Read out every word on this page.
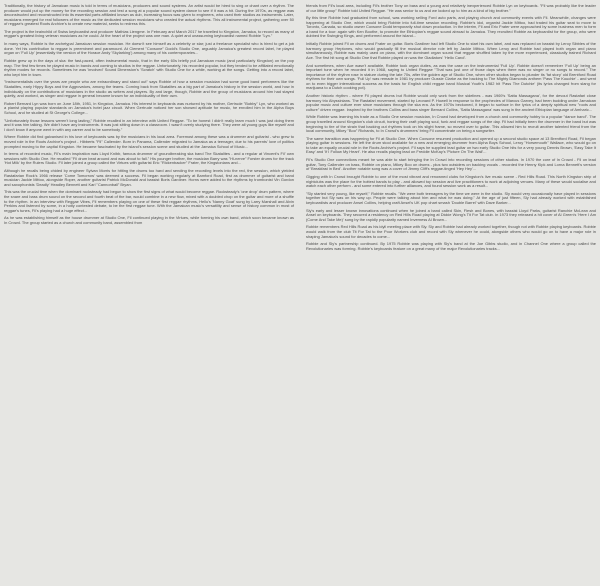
Traditionally, the history of Jamaican music is told in terms of musicians, producers and sound systems. An artist would be hired to sing or chant over a rhythm. The producer would put up the money for the recording session and test a song at a popular sound system dance to see if it was a hit. During the 1970s, as reggae was deconstructed and reconstructed into its essential parts affiliated known as dub, increasing focus was given to engineers, who used their studios as instruments. Later, musicians emerged for real followers of the music as the dedicated session musicians who created the actual rhythms. This all instrumental project, gathering over 50 of reggae's greatest Roots Archive's to create new material, seeks to redress this.

The project is the brainchild of Swiss keyboardist and producer Mathias Liengme. In February and March 2017 he travelled to Kingston, Jamaica, to record as many of reggae's greatest living veteran musicians as he could. At the heart of the project was one man. A quiet and unassuming keyboardist named Robbie "Lyn."

In many ways, Robbie is the archetypal Jamaican session musician. He doesn't see himself as a celebrity or star; just a freelance specialist who is hired to get a job done. Yet his contribution to reggae is preeminent and paramount. At Clement "Coxsone" Dodd's Studio One, arguably Jamaica's greatest record label, he played organ on 'Full Up' (essentially the version of the Horace Andy 'Skylarking') among many of his contemporaries...

Robbie grew up in the days of ska: the fast-paced, often instrumental music, that in the early 60s briefly put Jamaican music (and particularly Kingston) on the pop map. The first few times he played music in bands and coming to studios in the reggae. Unfortunately, his recorded popular, but they tended to be affiliated emotionally rhythm modes for records. Sometimes he was 'involved' Sound Dimension's 'Scratch' with Studio One for a while, working at the songs. Getting into a record label, who kept him in town.

"Instrumentalists over the years are people who are extraordinary and stand out" says Robbie of how a session musician had some good band performers like the Skatalites, early Hippy Boys and the Aggrovators, among the teams. Coming back from Skatalites as a big part of Jamaica's history in the session world, and how in individually on the contributions of musicians in the studio as writers and players. By and large, though, Robbie and the group of musicians around him had stayed quietly, and worked, as singer and reggae in general became known for an individuality of their own.

Robert Bernard Lyn was born on June 18th, 1951, in Kingston, Jamaica. His interest in keyboards was nurtured by his mother, Gertrude "Bobby" Lyn, who worked as a pianist playing popular standards on Jamaica's hotel jazz circuit. When Gertrude noticed her son showed aptitude for music, he enrolled him in the Alpha Boys School, and he studied at St George's College...

"Unfortunately those lessons weren't long lasting," Robbie recalled in an interview with United Reggae. "To be honest I didn't really learn much I was just doing them and it was him talking. We didn't have any instruments. It was just sitting down in a classroom. I wasn't overly studying there. They were all young guys like myself and I don't know if anyone went in with any career and to be somebody."

Where Robbie did find galvanised in his love of keyboards was by the musicians in his local area. Foremost among these was a drummer and guitarist - who grew to moved role in the Roots Archive's project - Hibberts "Fil" Callender. Born in Panama, Callender migrated to Jamaica as a teenager, due to his parents' love of politics prompted moving to the capital Kingston. He became fascinated by the island's session scene and studied at the Jamaica School of Music...

In terms of recorded music, Fil's main inspiration was Lloyd Knibb, famous drummer of groundbreaking ska band The Skatalites - and a regular at Vincent's Fil' own sessions with Studio One. He recalled "Fil drum beat around and was about to fall." His younger brother, the musician Barry was "Hi-nerve" Forster drums for the track 'Hot Milk' by the Rulers Studio. Fil later joined a group called the Virtues with guitarist Eric "Rickenbacker" Frater, the Kingstonians and...

Although he recalls being chided by engineer Sylvan Morris for hitting the drums too hard and sending the recording levels into the red, the session, which yielded Rastafarian Rock's 1966 release 'Come Tomorrow' was deemed a success. Fil began working regularly at Bamford Road, first as drummer of guitarist and band musician Jackie Mittoo, alongside Roper, another guitarist Patrick McDonald and bassist Boris Gardiner. Horns were added to the rhythms by trombonist Vin Gordon and saxophonists 'Deadly' Headley Bennett and Karl "Cannonball" Bryan.

This was the crucial time when the dominant rocksteady had begun to show the first signs of what would become reggae. Rocksteady's 'one drop' drum pattern, where the snare and bass drum sound on the second and fourth beat of the bar, would combine in a new flow, mixed with a doubled chop on the guitar and more of a shuffle to the rhythm. In an interview with Reggae Vibes, Fil remembers playing on one of these first reggae rhythms, Hellu's 'Nanny Goat' sung by Larry Marshall and Alvin Perkins and listened by some, in a hotly contested debate, to be the first reggae tune. With the Jamaican music's versatility and sense of history common in most of reggae's tunes, Fil's playing had a huge effect...

As he was establishing himself as the house drummer at Studio One, Fil continued playing in the Virtues, while forming his own band, which soon became known as In Crowd. The group started as a church and community band, assembled from

friends from Fil's local area, including Fil's brother Tony on bass and a young and relatively inexperienced Robbie Lyn on keyboards. "Fil was probably like the leader of our little group" Robbie told United Reggae. "He was senior to us and we looked up to him as a kind of big brother."

By this time Robbie had graduated from school, was working selling Ford auto parts, and playing church and community events with Fil. Meanwhile, changes were happening at Studio One, which would bring Robbie into full-time session recording. Robbie's idol, organist Jackie Mittoo, had traded his guitar seat to move to Toronto, Canada, so studio owner Coxsone Dodd temporarily shut down production. In the interim, Fil and Eric Frater were approached by some business men to form a band for a tour: again with Ken Boothe, to promote the Ethiopian's reggae sound abroad to Jamaica. They recruited Robbie as keyboardist for the group, who were dubbed the Swinging Kings, and performed around the island...

Initially Robbie joined Fil on drums and Frater on guitar. Boris Gardiner had left Studio One to start his own label, and was replaced on bassist by Leroy Sibbles of the harmony group Heptones, who would gradually fill the musical director role left by Jackie Mittoo. When Leroy and Robbie had played both organ and piano simultaneously, Robbie was mainly used on piano, with the dominant organ sound that reggae shuffled taken by the more experienced, classically trained Richard Ace. The first hit song at Studio One that Robbie played on was the Gladiators' 'Hello Carol'.

And sometimes, when Ace wasn't available, Robbie took organ duties, as was the case on the instrumental 'Full Up'. Robbie doesn't remember 'Full Up' being an important tune when he recorded it in 1968, saying to United Reggae "That was just one of those days when there was no singer or no songs to record." The importance of the rhythm rose in stature during the late 70s, after the golden age of Studio One, when other studios began to plunder its 'fat story' old Brentford Road rhythms for their own songs. 'Full Up' was remade in 1981 by producer Gussie Clarke as the backing to The Mighty Diamonds anthem 'Pass The Kouchie' - and went on to even bigger international success as the basis for English child reggae band Musical Youth's 1982 hit 'Pass The Dutchie' (its lyrics changed from slang for marijuana to a Dutch cooking pot).

Another historic rhythm - where Fil played drums but Robbie would only work from the sidelines - was 1969's 'Satta Massagana', for the devout Rastafari close harmony trio Abyssinians. The Rastafari movement, started by Leonard P. Howell in response to the prophecies of Marcus Garvey, had been budding under Jamaican popular music and culture ever since musicians through the ska era. As the 1970s beckoned, it began to surface in the lyrics of a deeply spiritual new "roots and culture" driven reggae. Inspired by the brothers Collins and bass singer Bernard Collins, 'Satta Massagana' was sung in the ancient Ethiopian language of Amharic...

While Robbie was learning his trade as a Studio One session musician, In Crowd had developed from a church and community hobby to a popular "dance band". The group travelled around Kingston's club circuit, honing their craft playing soul, funk and reggae songs of the day. Fil had initially been the drummer in the band but was beginning to tire of the strain that backing out rhythms took on his slight frame, so moved over to guitar. This allowed him to recruit another talented friend from the local community, Mikey "Boo" Richards, to In Crowd's drummers' bring Fil concentrate on being a songwriter.

The same transition was happening for Fil at Studio One. When Coxsone resumed production and opened up a second studio space at 13 Brentford Road, Fil began playing guitar in sessions. He left the drum stool available for a new and emerging drummer from Alpha Boys School, Leroy "Horsemouth" Wallace, who would go on to take an equally crucial role in the Roots Archive's project. Fil says he supplied lead guitar on two early Studio One hits for a very young Dennis Brown, 'Easy Take It Easy' and 'If I Follow My Heart'. He also recalls playing lead on Freddie McKay's 'Picture On The Wall'...

Fil's Studio One connections meant he was able to start bringing the In Crowd into recording sessions of other studios. In 1970 the core of In Crowd - Fil on lead guitar, Tony Callender on bass, Robbie on piano, Mikey Boo on drums - plus two outsiders on backing vocals - recorded the Henny Kipk and Lorna Bennett's version of 'Breakfast in Bed'. Another notable song was a cover of Jimmy Cliff's reggae-tinged 'Hey Hey'...

Gigging with In Crowd brought Robbie to one of the most vibrant and renowned clubs for Kingston's live music scene - Red Hills Road. This North Kingston strip of nightclubs was the place for the hottest bands to play - and allowed top session and live practitioners to work at adjoining venues. Many of these would socialise and watch each other perform - and some entered into further alliances, and found session work as a result...

"Sly started very young, like myself," Robbie recalls. "We were both teenagers by the time we were in the studio. Sly would very occasionally have played in sessions together but Sly was on his way up. People were talking about him and what he was doing." At the age of just fifteen, Sly had already worked with established keyboardists and producer Ansel Collins, helping craft Ansel's UK pop chart smash 'Double Barrel' with Dave Barker...

Sly's early and lesser known innovations continued when he joined a band called Skin, Flesh and Bones, with bassist Lloyd Parks, guitarist Ranchie McLean and Ansel on keyboards. They secured a residency on Red Hills Road playing at Dickie Wong's Tit For Tat club. In 1973 they released a hit cover of Al Green's 'Here I Am (Come And Take Me)' sung by the rapidly popularity named Inverness Al Brown...

Robbie remembers Red Hills Road as his idyll meeting place with Sly. Sly and Robbie had already worked together, though not with Robbie playing keyboards. Robbie would walk from the club Tit For Tat to the Poor Workers club and record with Sly whenever he could, alongside others who would go on to have a major role in shaping Jamaica's sound for decades to come...

Robbie and Sly's partnership continued. By 1975 Robbie was playing with Sly's band at the Joe Gibbs studio, and in Channel One where a group called the Revolutionaries was forming. Robbie's keyboards feature on a great many of the major Revolutionaries tracks...
